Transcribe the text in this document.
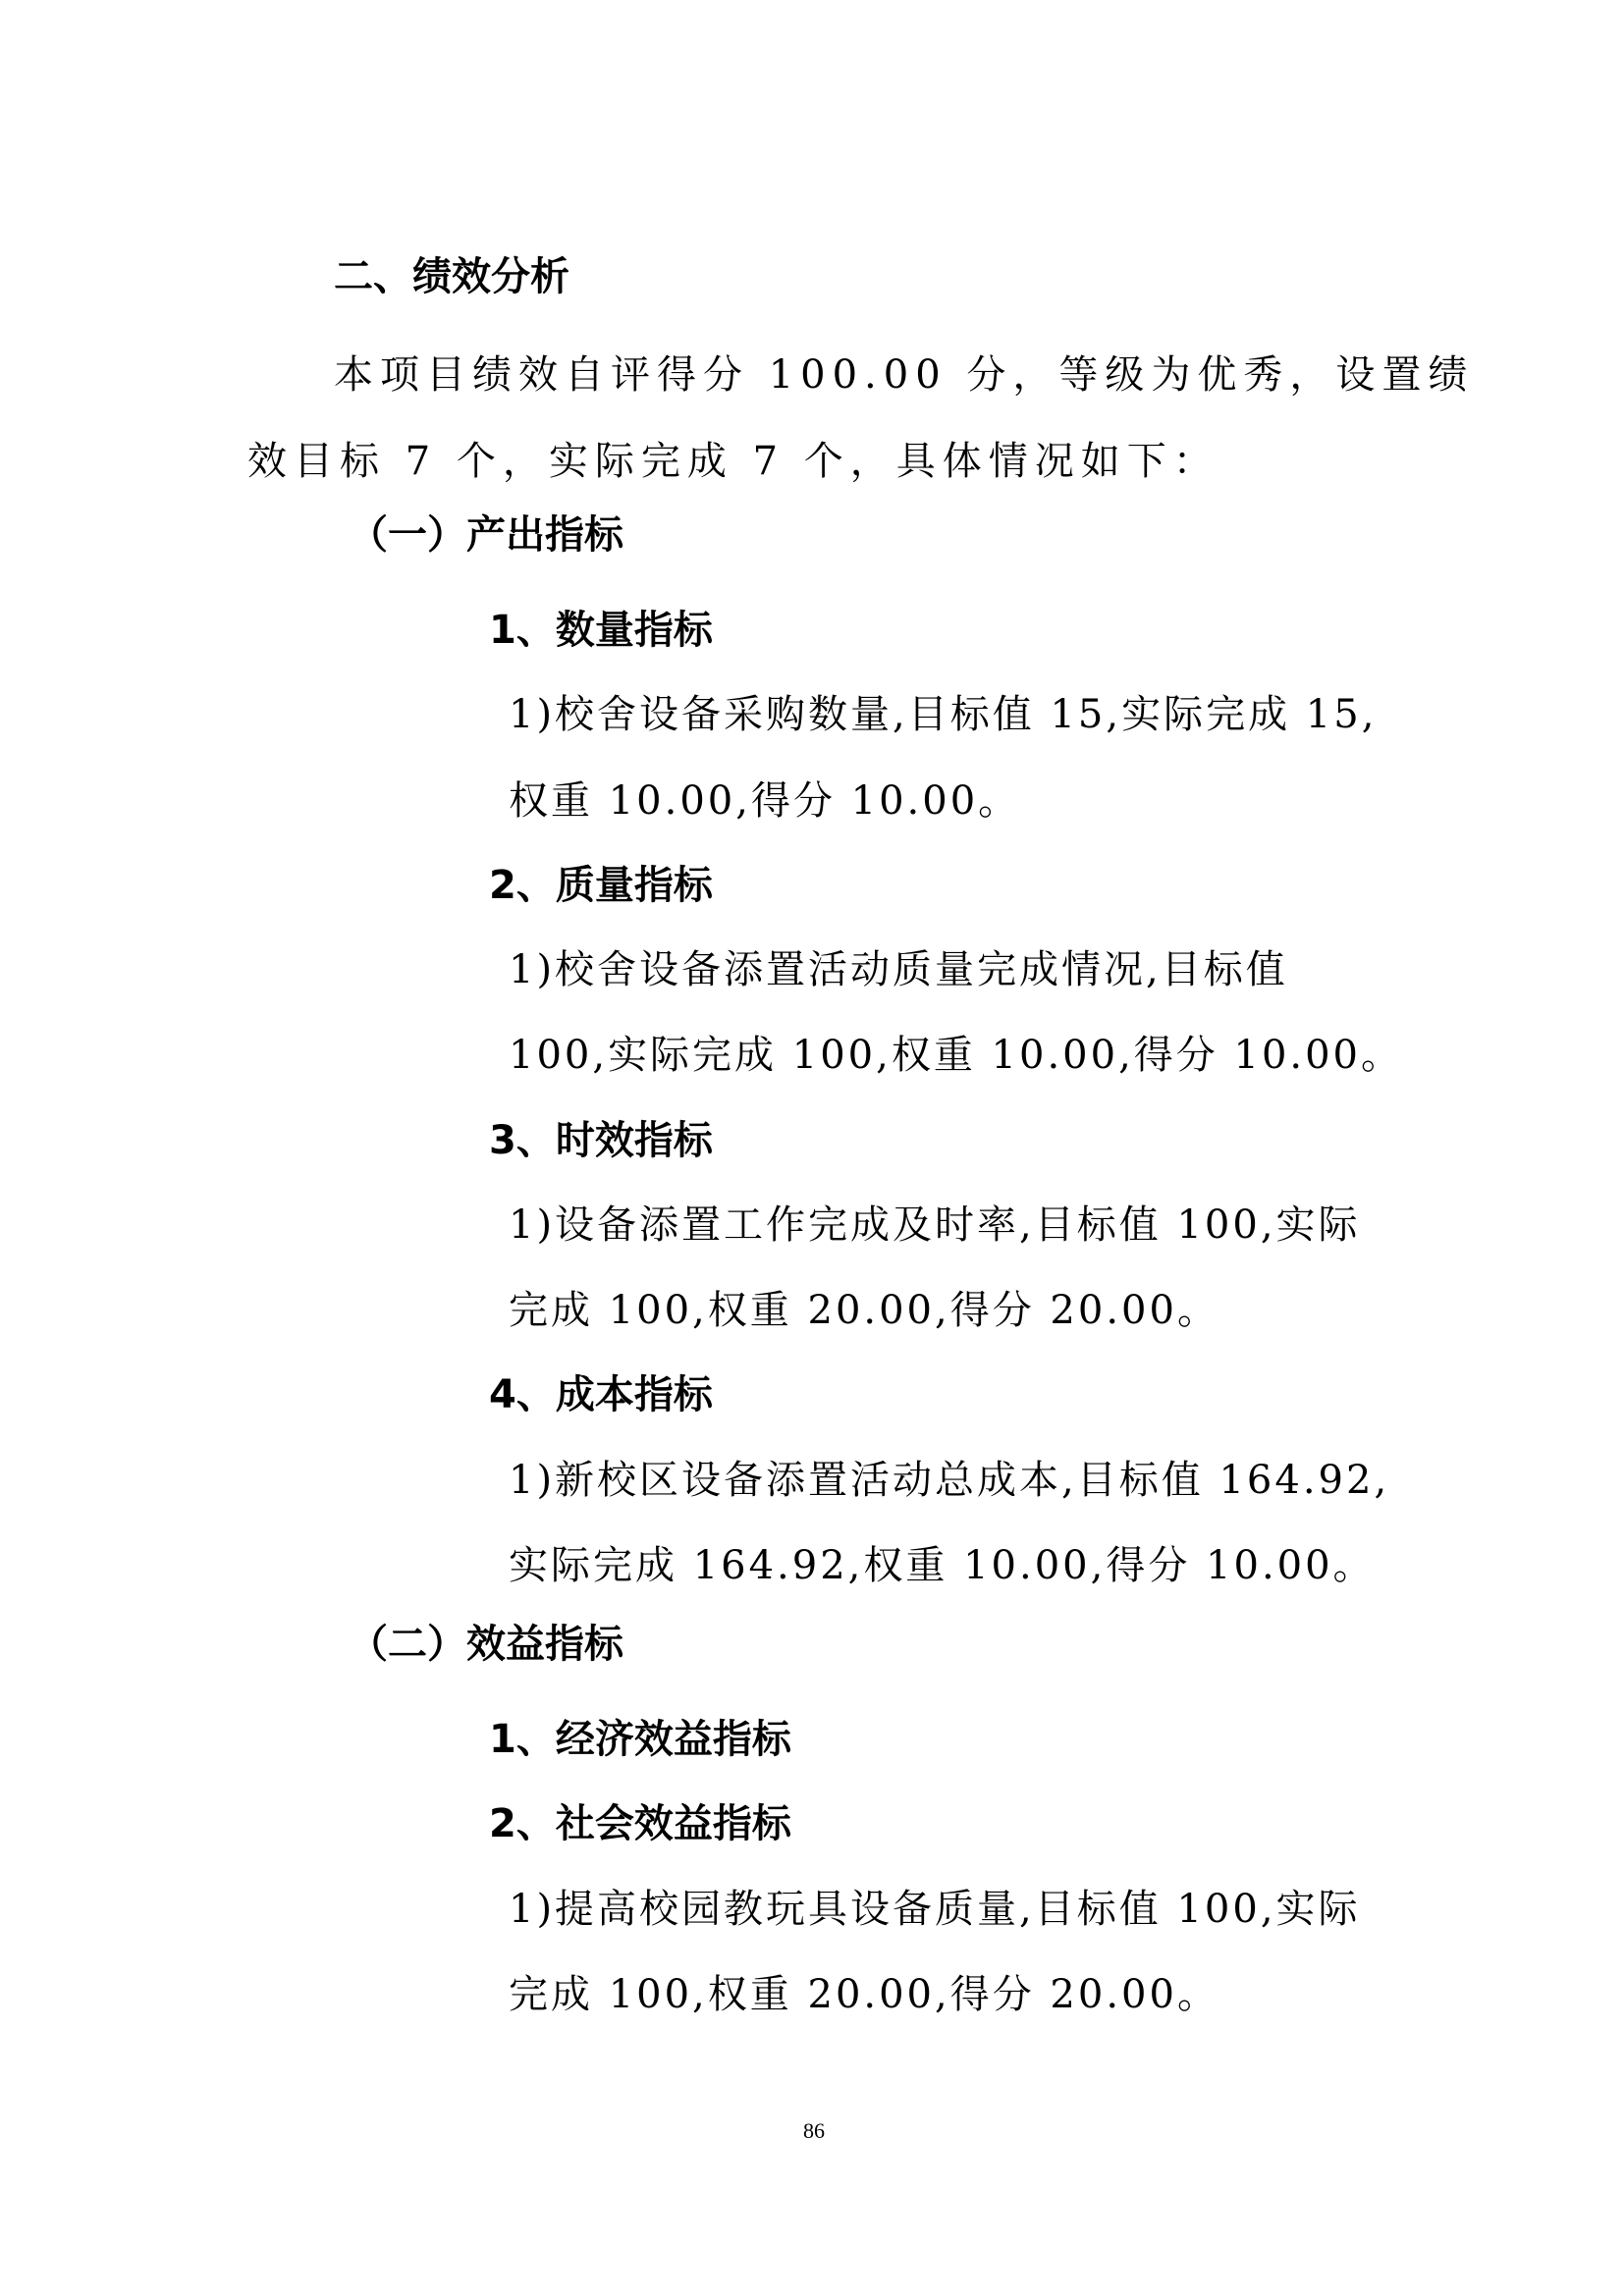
二、绩效分析
本项目绩效自评得分 100.00 分，等级为优秀，设置绩
效目标 7 个，实际完成 7 个，具体情况如下：
（一）产出指标
1、数量指标
1)校舍设备采购数量,目标值 15,实际完成 15,
权重 10.00,得分 10.00。
2、质量指标
1)校舍设备添置活动质量完成情况,目标值
100,实际完成 100,权重 10.00,得分 10.00。
3、时效指标
1)设备添置工作完成及时率,目标值 100,实际
完成 100,权重 20.00,得分 20.00。
4、成本指标
1)新校区设备添置活动总成本,目标值 164.92,
实际完成 164.92,权重 10.00,得分 10.00。
（二）效益指标
1、经济效益指标
2、社会效益指标
1)提高校园教玩具设备质量,目标值 100,实际
完成 100,权重 20.00,得分 20.00。
86
